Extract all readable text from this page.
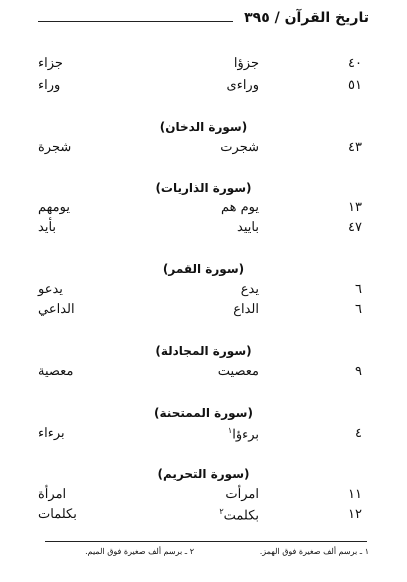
تاريخ القرآن / ٣٩٥
٤٠
جزؤا
جزاء
٥١
وراءى
وراء
(سورة الدخان)
٤٣
شجرت
شجرة
(سورة الذاريات)
١٣
يوم هم
يومهم
٤٧
باييد
بأيد
(سورة القمر)
٦
يدع
يدعو
٦
الداع
الداعي
(سورة المجادلة)
٩
معصيت
معصية
(سورة الممتحنة)
٤
برءؤا$^١$
برءاء
(سورة التحريم)
١١
امرأت
امرأة
١٢
بكلمت$^٢$
بكلمات
١ ـ برسم ألف صغيرة فوق الهمز.
٢ ـ برسم ألف صغيرة فوق الميم.
